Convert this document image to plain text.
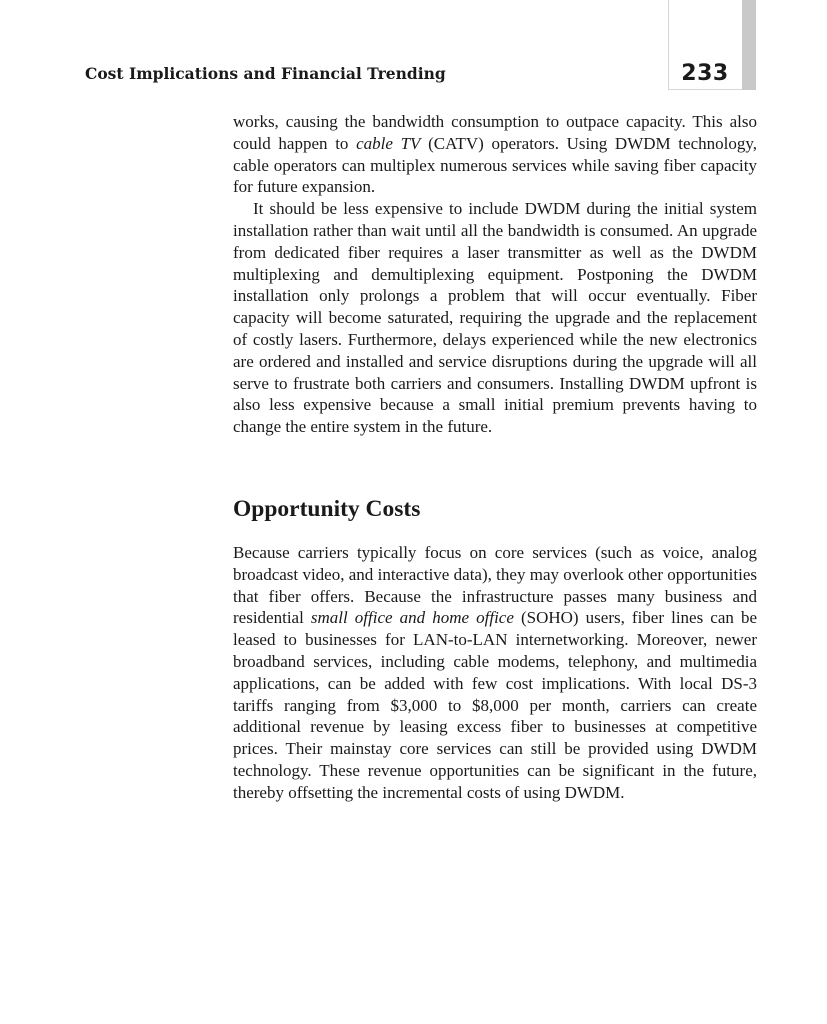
233
Cost Implications and Financial Trending

works, causing the bandwidth consumption to outpace capacity. This also could happen to cable TV (CATV) operators. Using DWDM technology, cable operators can multiplex numerous services while saving fiber capacity for future expansion.

It should be less expensive to include DWDM during the initial system installation rather than wait until all the bandwidth is consumed. An upgrade from dedicated fiber requires a laser transmitter as well as the DWDM multiplexing and demultiplexing equipment. Postponing the DWDM installation only prolongs a problem that will occur eventually. Fiber capacity will become saturated, requiring the upgrade and the replacement of costly lasers. Furthermore, delays experienced while the new electronics are ordered and installed and service disruptions during the upgrade will all serve to frustrate both carriers and consumers. Installing DWDM upfront is also less expensive because a small initial premium prevents having to change the entire system in the future.

Opportunity Costs

Because carriers typically focus on core services (such as voice, analog broadcast video, and interactive data), they may overlook other opportunities that fiber offers. Because the infrastructure passes many business and residential small office and home office (SOHO) users, fiber lines can be leased to businesses for LAN-to-LAN internetworking. Moreover, newer broadband services, including cable modems, telephony, and multimedia applications, can be added with few cost implications. With local DS-3 tariffs ranging from $3,000 to $8,000 per month, carriers can create additional revenue by leasing excess fiber to businesses at competitive prices. Their mainstay core services can still be provided using DWDM technology. These revenue opportunities can be significant in the future, thereby offsetting the incremental costs of using DWDM.
